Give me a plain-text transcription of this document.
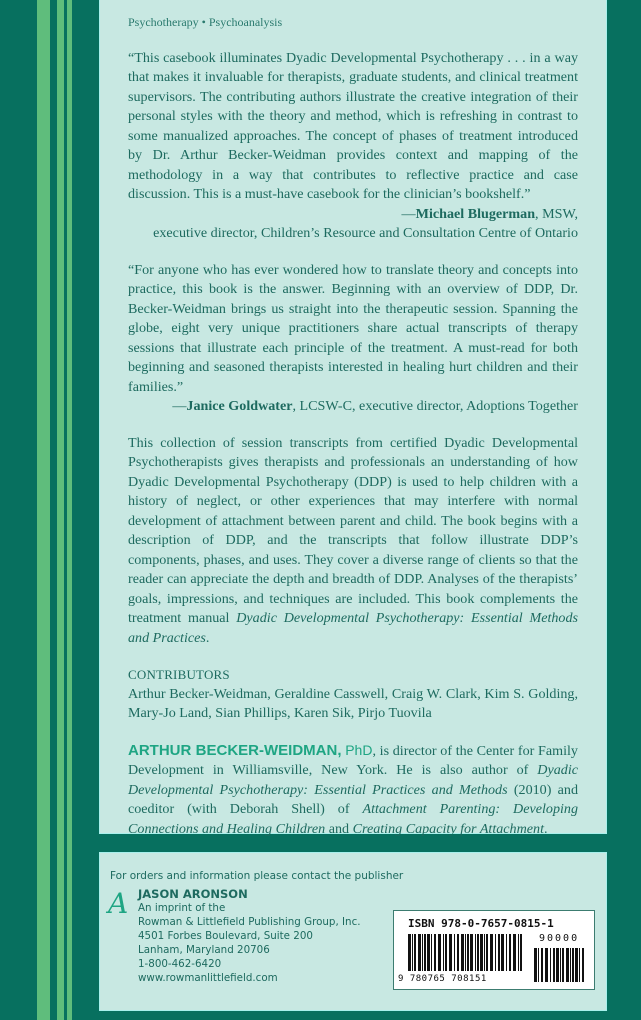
Psychotherapy • Psychoanalysis

“This casebook illuminates Dyadic Developmental Psychotherapy . . . in a way that makes it invaluable for therapists, graduate students, and clinical treatment supervisors. The contributing authors illustrate the creative integration of their personal styles with the theory and method, which is refreshing in contrast to some manualized approaches. The concept of phases of treatment introduced by Dr. Arthur Becker-Weidman provides context and mapping of the methodology in a way that contributes to reflective practice and case discussion. This is a must-have casebook for the clinician’s bookshelf.”
—Michael Blugerman, MSW,
executive director, Children’s Resource and Consultation Centre of Ontario

“For anyone who has ever wondered how to translate theory and concepts into practice, this book is the answer. Beginning with an overview of DDP, Dr. Becker-Weidman brings us straight into the therapeutic session. Spanning the globe, eight very unique practitioners share actual transcripts of therapy sessions that illustrate each principle of the treatment. A must-read for both beginning and seasoned therapists interested in healing hurt children and their families.”
—Janice Goldwater, LCSW-C, executive director, Adoptions Together

This collection of session transcripts from certified Dyadic Developmental Psychotherapists gives therapists and professionals an understanding of how Dyadic Developmental Psychotherapy (DDP) is used to help children with a history of neglect, or other experiences that may interfere with normal development of attachment between parent and child. The book begins with a description of DDP, and the transcripts that follow illustrate DDP’s components, phases, and uses. They cover a diverse range of clients so that the reader can appreciate the depth and breadth of DDP. Analyses of the therapists’ goals, impressions, and techniques are included. This book complements the treatment manual Dyadic Developmental Psychotherapy: Essential Methods and Practices.

CONTRIBUTORS

Arthur Becker-Weidman, Geraldine Casswell, Craig W. Clark, Kim S. Golding, Mary-Jo Land, Sian Phillips, Karen Sik, Pirjo Tuovila

ARTHUR BECKER-WEIDMAN, PhD, is director of the Center for Family Development in Williamsville, New York. He is also author of Dyadic Developmental Psychotherapy: Essential Practices and Methods (2010) and coeditor (with Deborah Shell) of Attachment Parenting: Developing Connections and Healing Children and Creating Capacity for Attachment.

For orders and information please contact the publisher
A JASON ARONSON
An imprint of the
Rowman & Littlefield Publishing Group, Inc.
4501 Forbes Boulevard, Suite 200
Lanham, Maryland 20706
1-800-462-6420
www.rowmanlittlefield.com
ISBN 978-0-7657-0815-1
9 780765 708151
90000
